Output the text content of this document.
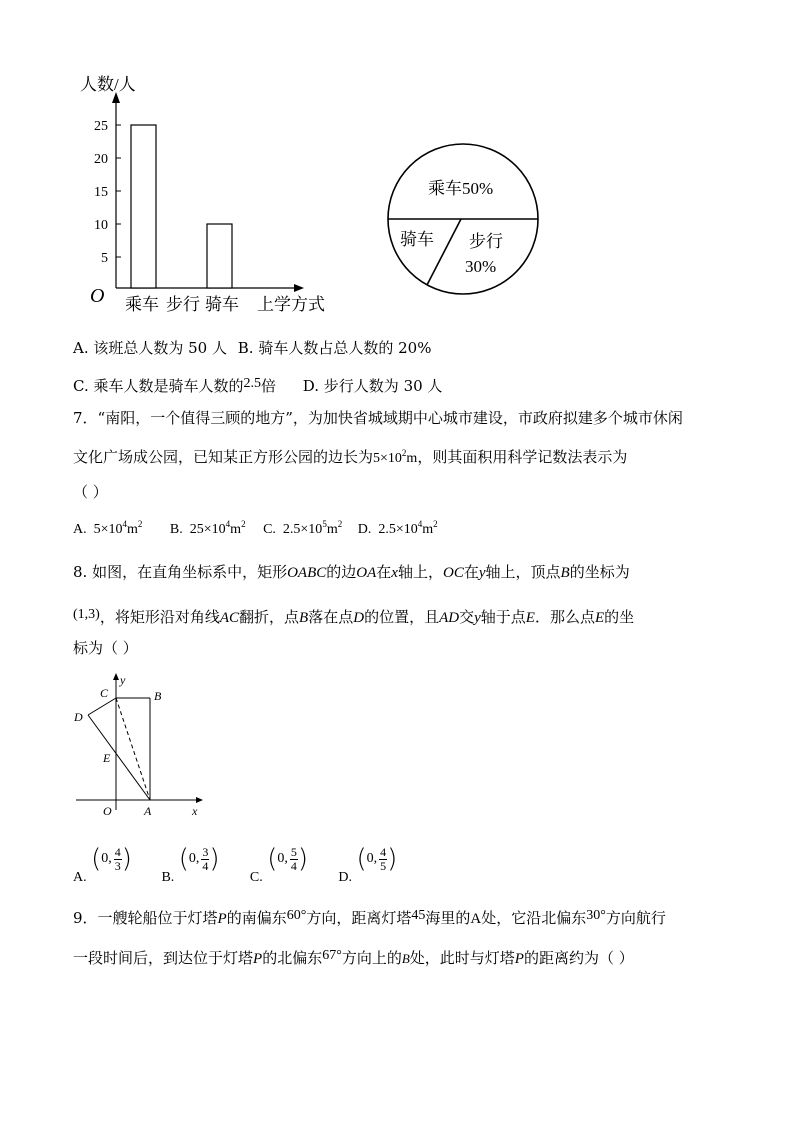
25
20
15
10
5
人数/人
O 乘车 步行 骑车 上学方式
乘车50%
骑车 步行
30%
A. 该班总人数为 50 人 B. 骑车人数占总人数的 20%
C. 乘车人数是骑车人数的2.5倍 D. 步行人数为 30 人
7．“南阳，一个值得三顾的地方”，为加快省城域期中心城市建设，市政府拟建多个城市休闲
文化广场成公园，已知某正方形公园的边长为$5\times 10^2m$，则其面积用科学记数法表示为
（ ）
A. $5\times 10^4m^2$ B. $25\times 10^4m^2$ C. $2.5\times 10^5m^2$ D. $2.5\times 10^4m^2$
8. 如图，在直角坐标系中，矩形OABC的边OA在x轴上，OC在y轴上，顶点B的坐标为
(1,3)，将矩形沿对角线AC翻折，点B落在点D的位置，且AD交y轴于点E．那么点E的坐
标为（ ）
y
x
C	B
D
E
O	A
A.
( 0, $\frac{4}{3}$ )
B.
( 0, $\frac{3}{4}$ )
C.
( 0, $\frac{5}{4}$ )
D.
( 0, $\frac{4}{5}$ )
9．一艘轮船位于灯塔P的南偏东60°方向，距离灯塔45海里的A处，它沿北偏东30°方向航行
一段时间后，到达位于灯塔P的北偏东67°方向上的B处，此时与灯塔P的距离约为（ ）
